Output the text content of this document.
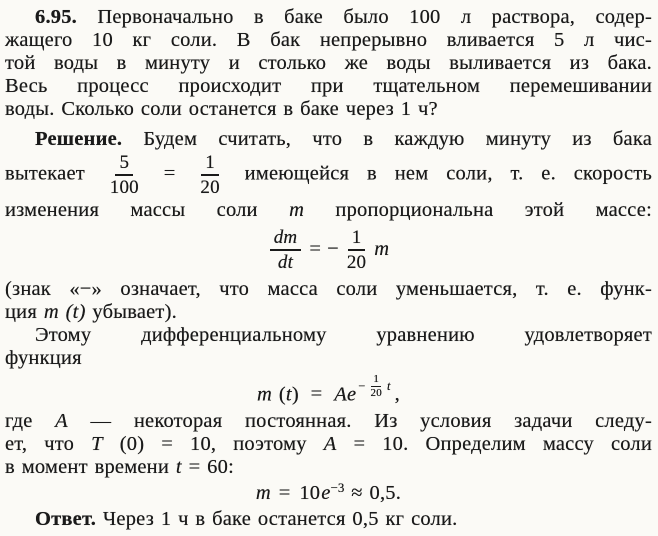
6.95. Первоначально в баке было 100 л раствора, содер-
жащего 10 кг соли. В бак непрерывно вливается 5 л чис-
той воды в минуту и столько же воды выливается из бака.
Весь процесс происходит при тщательном перемешивании
воды. Сколько соли останется в баке через 1 ч?
Решение. Будем считать, что в каждую минуту из бака
вытекает $\frac{5}{100} = \frac{1}{20}$ имеющейся в нем соли, т. е. скорость
изменения массы соли m пропорциональна этой массе:
$\frac{dm}{dt}$ = − $\frac{1}{20}$ m
(знак «−» означает, что масса соли уменьшается, т. е. функ-
ция m (t) убывает).
Этому дифференциальному уравнению удовлетворяет
функция
m $(t) = Ae - \frac{1}{20}$ t ,
где A — некоторая постоянная. Из условия задачи следу-
ет, что T (0) = 10, поэтому A = 10. Определим массу соли
в момент времени t = 60:
$m = 10e^{-3} \approx 0,5$.
Ответ. Через 1 ч в баке останется 0,5 кг соли.
